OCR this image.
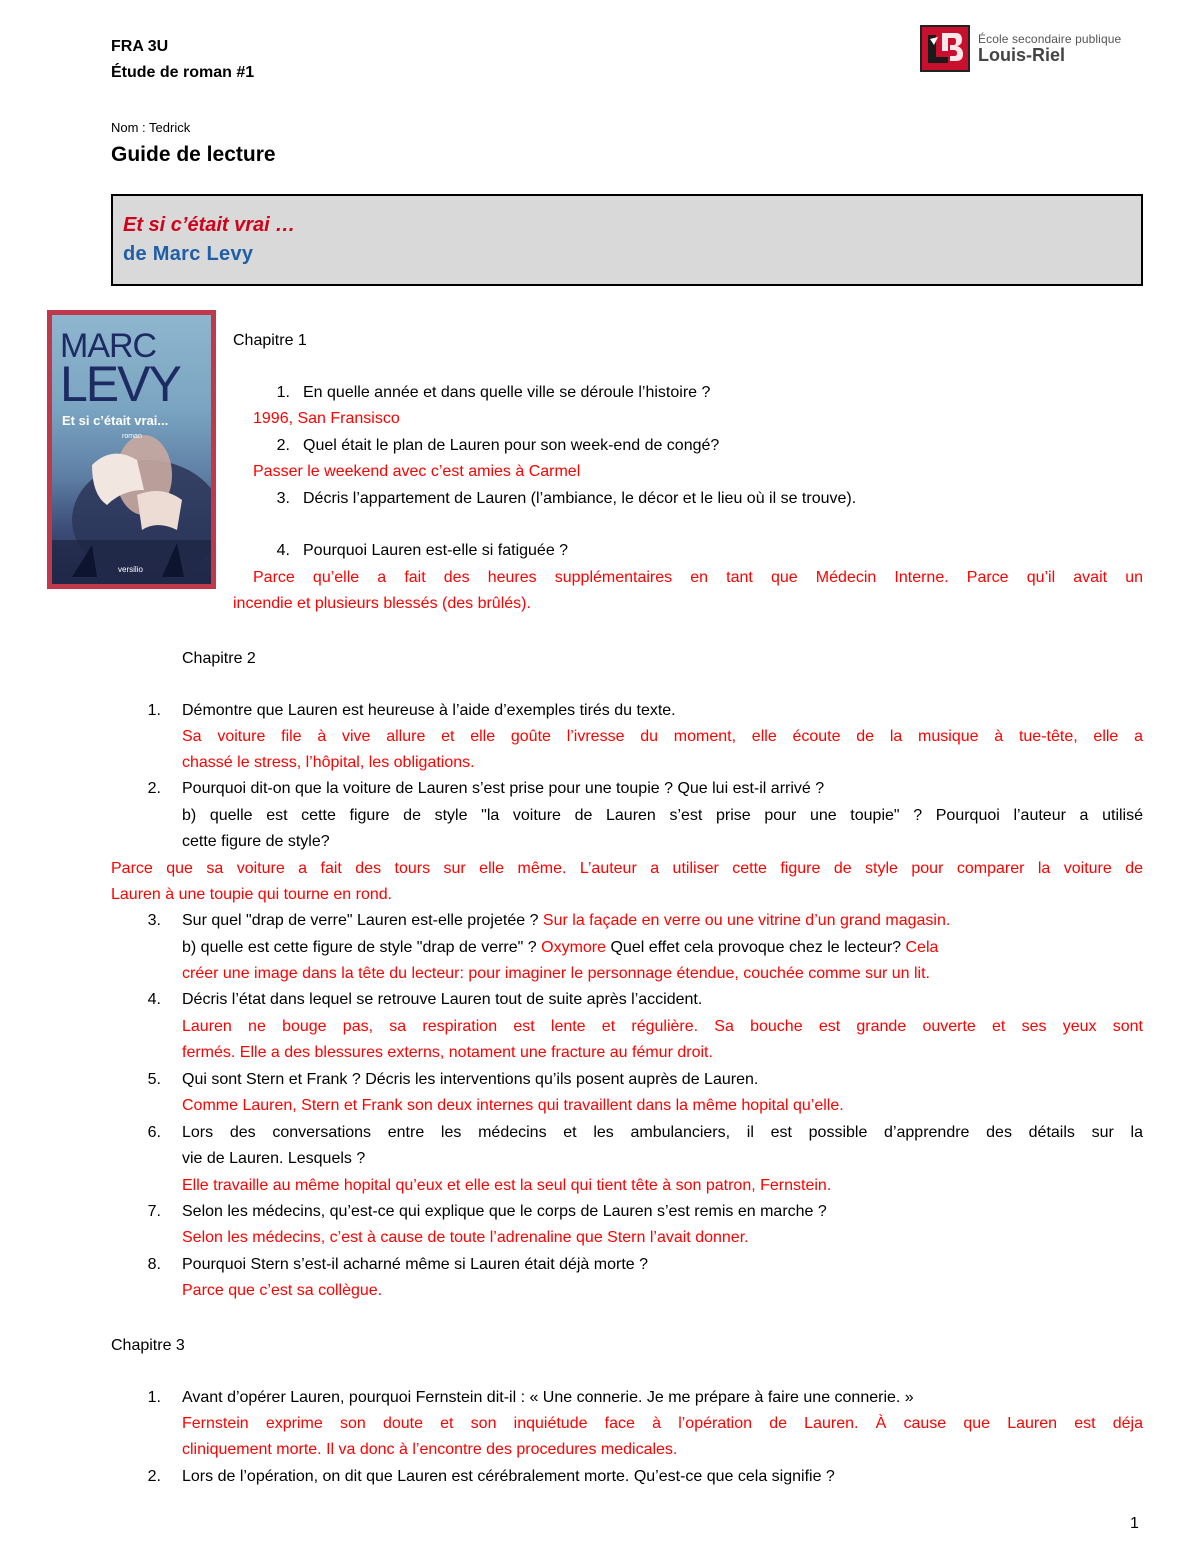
FRA 3U
Étude de roman #1
École secondaire publique
Louis-Riel
Nom : Tedrick
Guide de lecture
Et si c’était vrai …
de Marc Levy
MARC
LEVY
Et si c’était vrai...
roman
versilio
Chapitre 1
1. En quelle année et dans quelle ville se déroule l’histoire ?
1996, San Fransisco
2. Quel était le plan de Lauren pour son week-end de congé?
Passer le weekend avec c’est amies à Carmel
3. Décris l’appartement de Lauren (l’ambiance, le décor et le lieu où il se trouve).
4. Pourquoi Lauren est-elle si fatiguée ?
Parce qu’elle a fait des heures supplémentaires en tant que Médecin Interne. Parce qu’il avait un
incendie et plusieurs blessés (des brûlés).
Chapitre 2
1. Démontre que Lauren est heureuse à l’aide d’exemples tirés du texte.
Sa voiture file à vive allure et elle goûte l’ivresse du moment, elle écoute de la musique à tue-tête, elle a
chassé le stress, l’hôpital, les obligations.
2. Pourquoi dit-on que la voiture de Lauren s’est prise pour une toupie ? Que lui est-il arrivé ?
b) quelle est cette figure de style "la voiture de Lauren s’est prise pour une toupie" ? Pourquoi l’auteur a utilisé
cette figure de style?
Parce que sa voiture a fait des tours sur elle même. L’auteur a utiliser cette figure de style pour comparer la voiture de
Lauren à une toupie qui tourne en rond.
3. Sur quel "drap de verre" Lauren est-elle projetée ? Sur la façade en verre ou une vitrine d’un grand magasin.
b) quelle est cette figure de style "drap de verre" ? Oxymore Quel effet cela provoque chez le lecteur? Cela
créer une image dans la tête du lecteur: pour imaginer le personnage étendue, couchée comme sur un lit.
4. Décris l’état dans lequel se retrouve Lauren tout de suite après l’accident.
Lauren ne bouge pas, sa respiration est lente et régulière. Sa bouche est grande ouverte et ses yeux sont
fermés. Elle a des blessures externs, notament une fracture au fémur droit.
5. Qui sont Stern et Frank ? Décris les interventions qu’ils posent auprès de Lauren.
Comme Lauren, Stern et Frank son deux internes qui travaillent dans la même hopital qu’elle.
6. Lors des conversations entre les médecins et les ambulanciers, il est possible d’apprendre des détails sur la
vie de Lauren. Lesquels ?
Elle travaille au même hopital qu’eux et elle est la seul qui tient tête à son patron, Fernstein.
7. Selon les médecins, qu’est-ce qui explique que le corps de Lauren s’est remis en marche ?
Selon les médecins, c’est à cause de toute l’adrenaline que Stern l’avait donner.
8. Pourquoi Stern s’est-il acharné même si Lauren était déjà morte ?
Parce que c’est sa collègue.
Chapitre 3
1. Avant d’opérer Lauren, pourquoi Fernstein dit-il : « Une connerie. Je me prépare à faire une connerie. »
Fernstein exprime son doute et son inquiétude face à l’opération de Lauren. À cause que Lauren est déja
cliniquement morte. Il va donc à l’encontre des procedures medicales.
2. Lors de l’opération, on dit que Lauren est cérébralement morte. Qu’est-ce que cela signifie ?
1
